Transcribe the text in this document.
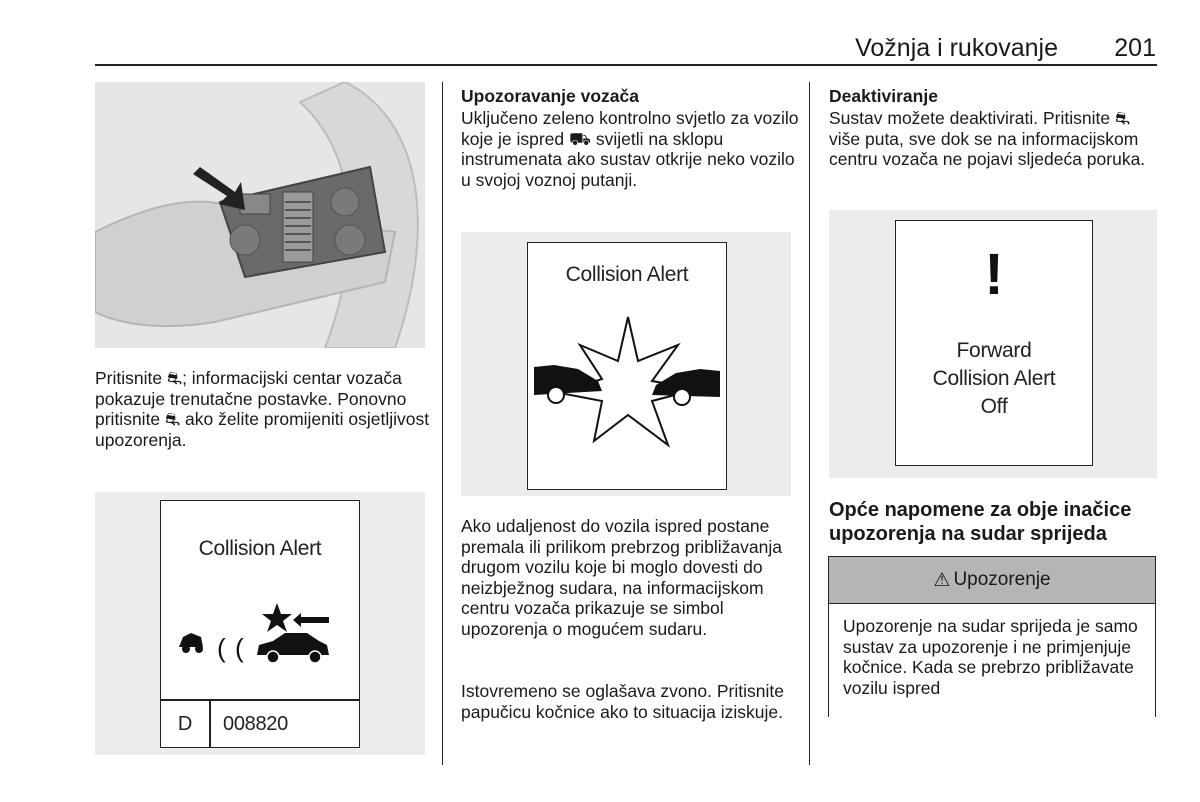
Vožnja i rukovanje 201
Pritisnite ⛐; informacijski centar vozača pokazuje trenutačne postavke. Ponovno pritisnite ⛐ ako želite promijeniti osjetljivost upozorenja.
Collision Alert
( (
D	008820
Upozoravanje vozača
Uključeno zeleno kontrolno svjetlo za vozilo koje je ispred ⛟ svijetli na sklopu instrumenata ako sustav otkrije neko vozilo u svojoj voznoj putanji.
Collision Alert
Ako udaljenost do vozila ispred postane premala ili prilikom prebrzog približavanja drugom vozilu koje bi moglo dovesti do neizbježnog sudara, na informacijskom centru vozača prikazuje se simbol upozorenja o mogućem sudaru.
Istovremeno se oglašava zvono. Pritisnite papučicu kočnice ako to situacija iziskuje.
Deaktiviranje
Sustav možete deaktivirati. Pritisnite ⛐ više puta, sve dok se na informacijskom centru vozača ne pojavi sljedeća poruka.
!
Forward
Collision Alert
Off
Opće napomene za obje inačice upozorenja na sudar sprijeda
⚠ Upozorenje
Upozorenje na sudar sprijeda je samo sustav za upozorenje i ne primjenjuje kočnice. Kada se prebrzo približavate vozilu ispred
